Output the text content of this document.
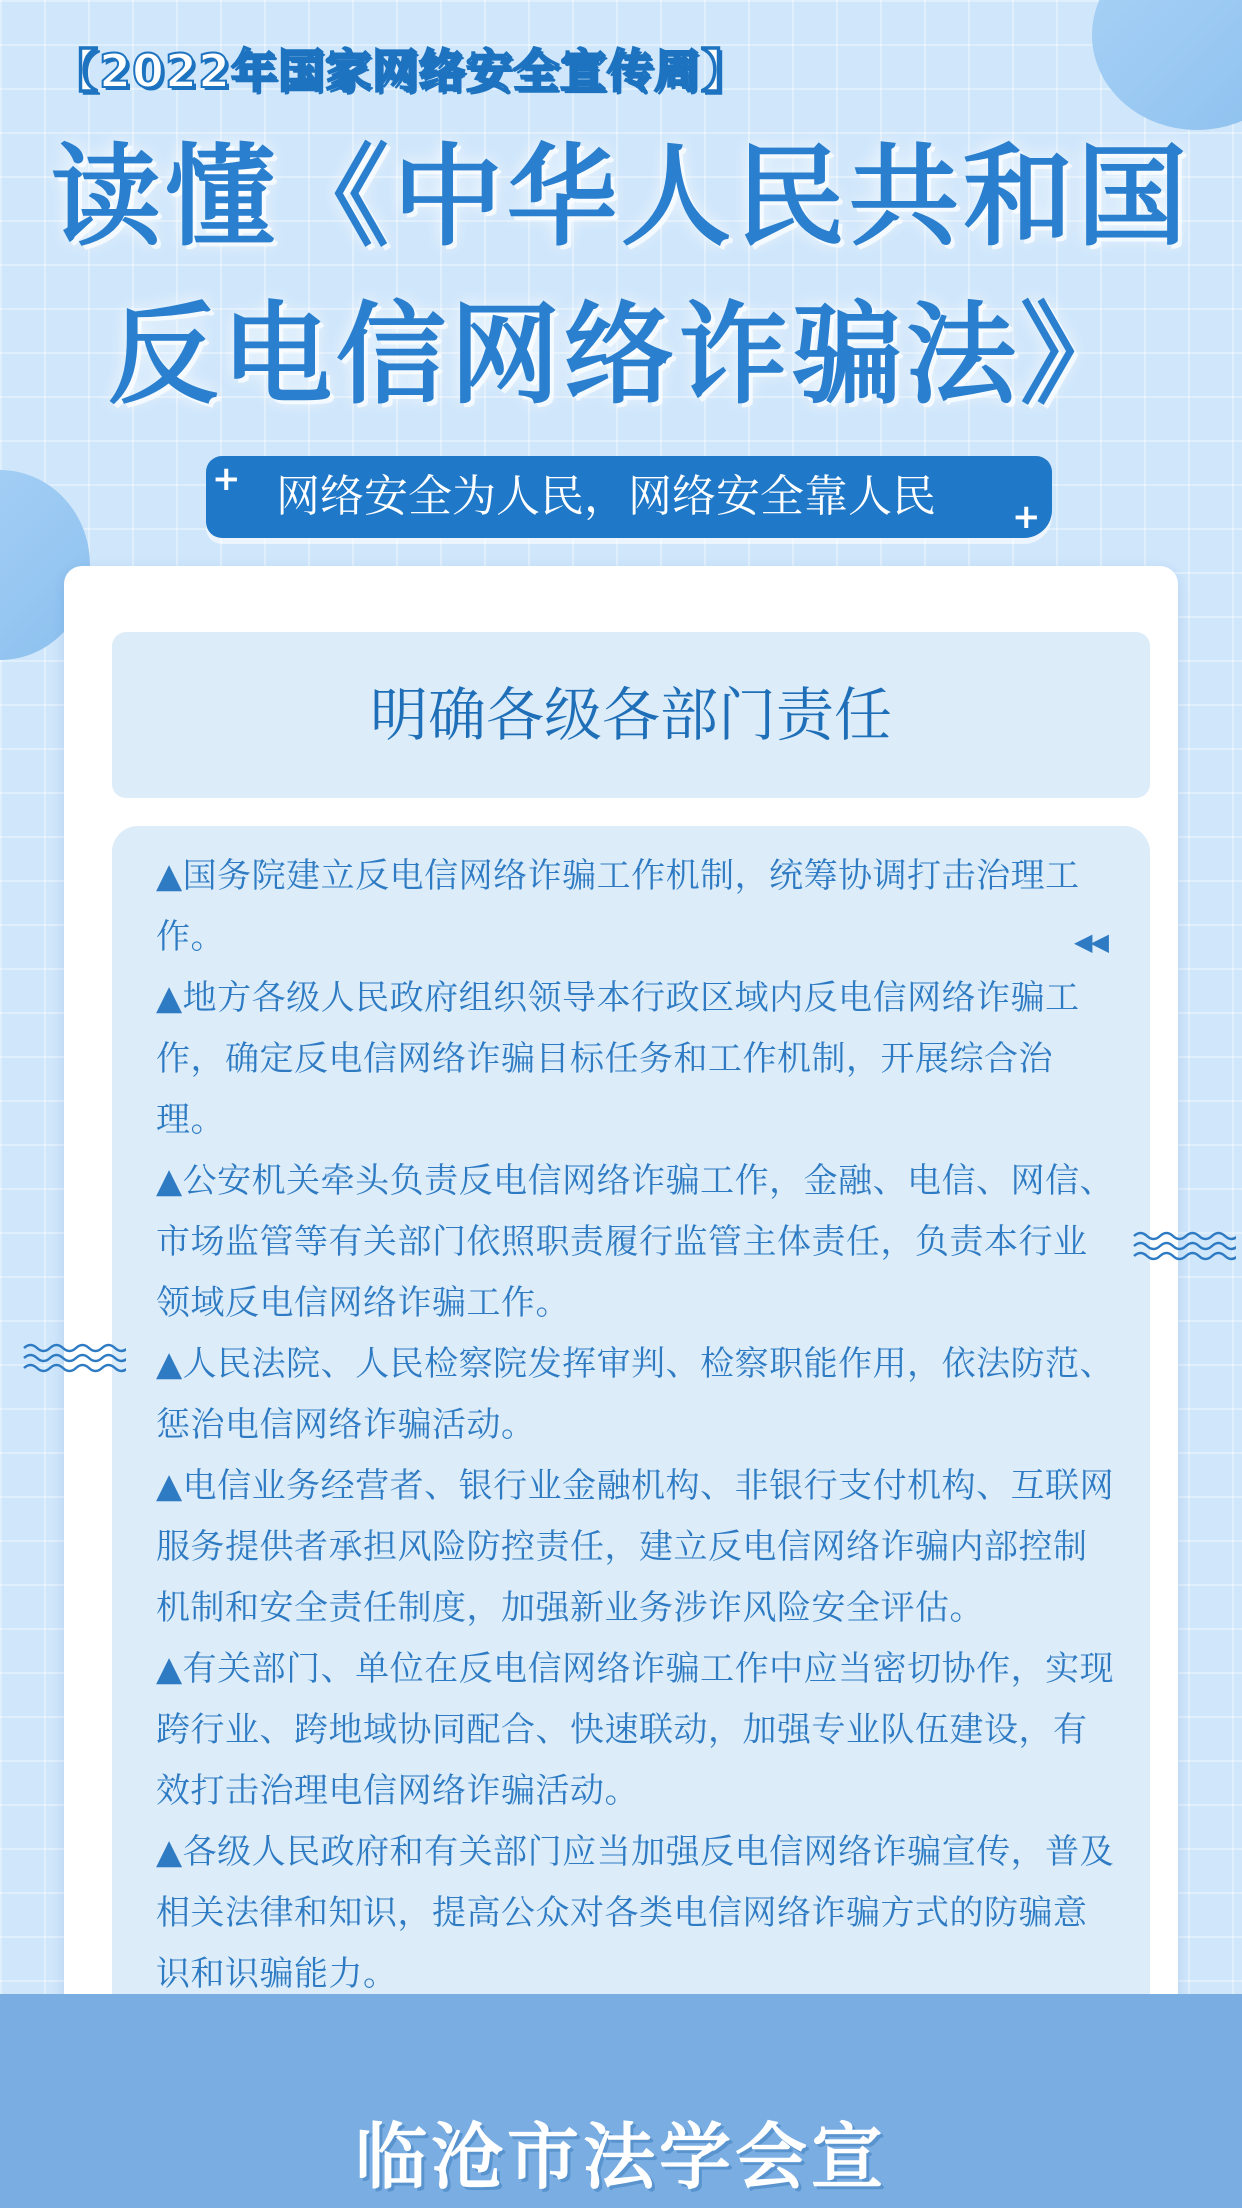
【2022年国家网络安全宣传周】
读懂《中华人民共和国
反电信网络诈骗法》
+ 网络安全为人民，网络安全靠人民	+
明确各级各部门责任

▲国务院建立反电信网络诈骗工作机制，统筹协调打击治理工作。

▲地方各级人民政府组织领导本行政区域内反电信网络诈骗工作，确定反电信网络诈骗目标任务和工作机制，开展综合治理。

▲公安机关牵头负责反电信网络诈骗工作，金融、电信、网信、市场监管等有关部门依照职责履行监管主体责任，负责本行业领域反电信网络诈骗工作。

▲人民法院、人民检察院发挥审判、检察职能作用，依法防范、惩治电信网络诈骗活动。

▲电信业务经营者、银行业金融机构、非银行支付机构、互联网服务提供者承担风险防控责任，建立反电信网络诈骗内部控制机制和安全责任制度，加强新业务涉诈风险安全评估。

▲有关部门、单位在反电信网络诈骗工作中应当密切协作，实现跨行业、跨地域协同配合、快速联动，加强专业队伍建设，有效打击治理电信网络诈骗活动。

▲各级人民政府和有关部门应当加强反电信网络诈骗宣传，普及相关法律和知识，提高公众对各类电信网络诈骗方式的防骗意识和识骗能力。

◀◀
临沧市法学会宣
